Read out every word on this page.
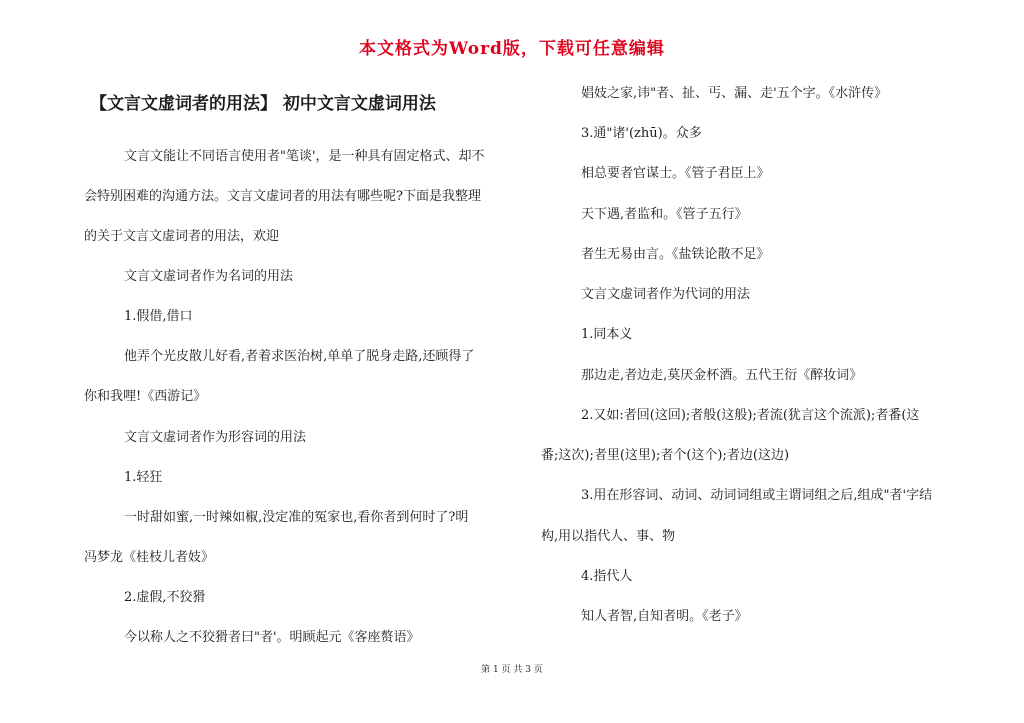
本文格式为Word版，下载可任意编辑
【文言文虚词者的用法】 初中文言文虚词用法

文言文能让不同语言使用者"笔谈'，是一种具有固定格式、却不

会特别困难的沟通方法。文言文虚词者的用法有哪些呢?下面是我整理

的关于文言文虚词者的用法，欢迎

文言文虚词者作为名词的用法

1.假借,借口

他弄个光皮散儿好看,者着求医治树,单单了脱身走路,还顾得了

你和我哩!《西游记》

文言文虚词者作为形容词的用法

1.轻狂

一时甜如蜜,一时辣如椒,没定准的冤家也,看你者到何时了?明

冯梦龙《桂枝儿者妓》

2.虚假,不狡猾

今以称人之不狡猾者曰"者'。明顾起元《客座赘语》

娼妓之家,讳"者、扯、丐、漏、走'五个字。《水浒传》

3.通"诸'(zhū)。众多

相总要者官谋士。《管子君臣上》

天下遇,者监和。《管子五行》

者生无易由言。《盐铁论散不足》

文言文虚词者作为代词的用法

1.同本义

那边走,者边走,莫厌金杯酒。五代王衍《醉妆词》

2.又如:者回(这回);者般(这般);者流(犹言这个流派);者番(这

番;这次);者里(这里);者个(这个);者边(这边)

3.用在形容词、动词、动词词组或主谓词组之后,组成"者'字结

构,用以指代人、事、物

4.指代人

知人者智,自知者明。《老子》

第 1 页 共 3 页
